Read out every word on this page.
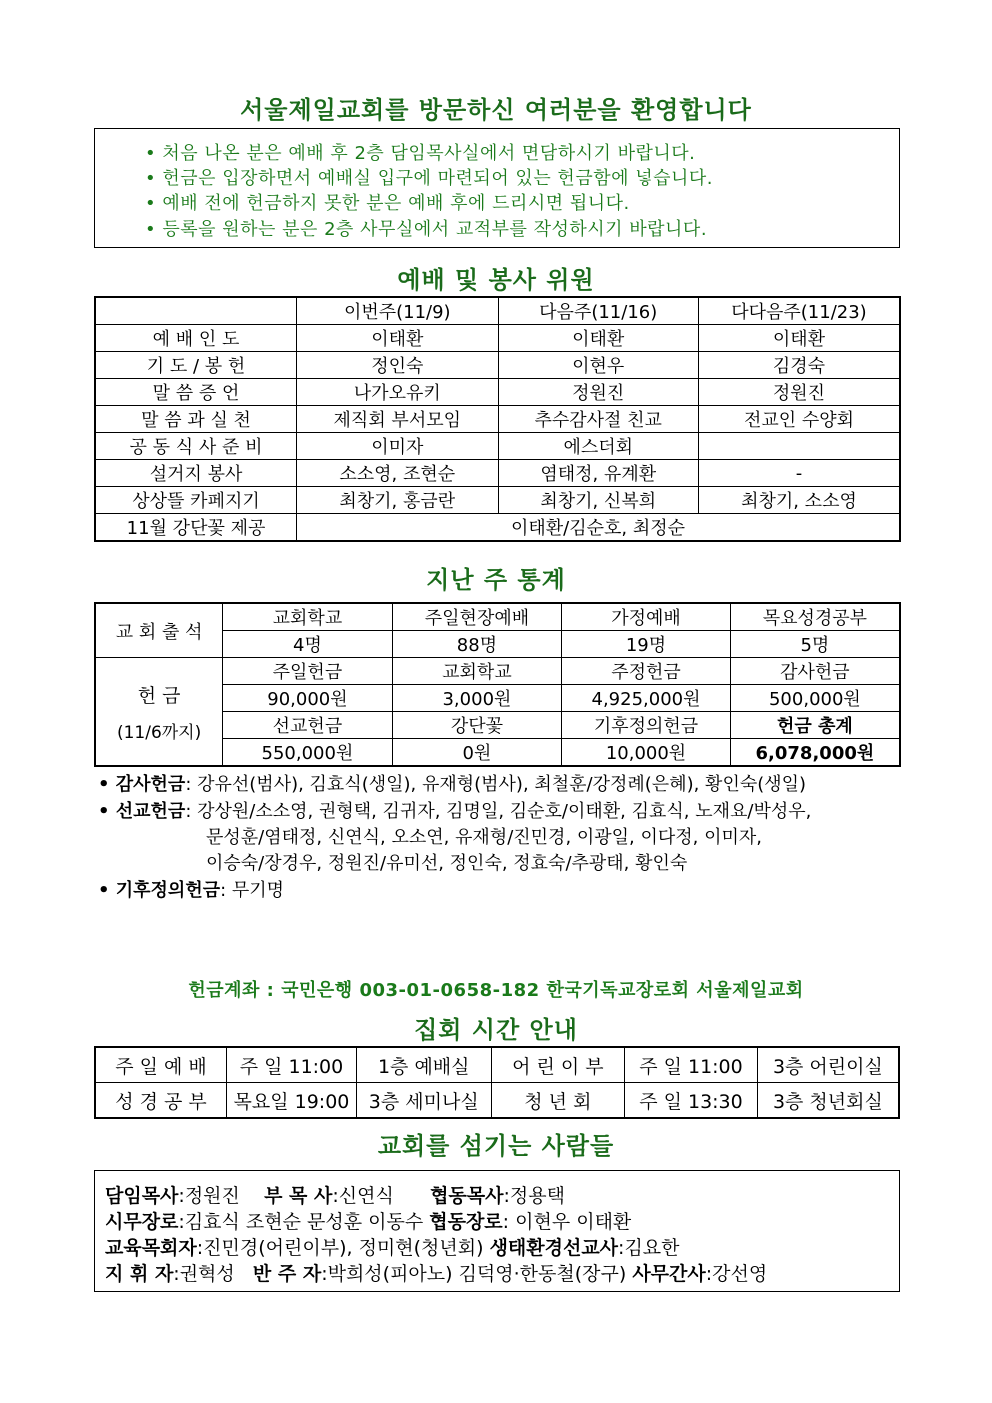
서울제일교회를 방문하신 여러분을 환영합니다
• 처음 나온 분은 예배 후 2층 담임목사실에서 면담하시기 바랍니다.
• 헌금은 입장하면서 예배실 입구에 마련되어 있는 헌금함에 넣습니다.
• 예배 전에 헌금하지 못한 분은 예배 후에 드리시면 됩니다.
• 등록을 원하는 분은 2층 사무실에서 교적부를 작성하시기 바랍니다.
예배 및 봉사 위원
	이번주(11/9)	다음주(11/16)	다다음주(11/23)
예 배 인 도	이태환	이태환	이태환
기 도 / 봉 헌	정인숙	이현우	김경숙
말 씀 증 언	나가오유키	정원진	정원진
말 씀 과 실 천	제직회 부서모임	추수감사절 친교	전교인 수양회
공 동 식 사 준 비	이미자	에스더회	
설거지 봉사	소소영, 조현순	염태정, 유계환	-
상상뜰 카페지기	최창기, 홍금란	최창기, 신복희	최창기, 소소영
11월 강단꽃 제공	이태환/김순호, 최정순		
지난 주 통계
교 회 출 석	교회학교	주일현장예배	가정예배	목요성경공부
	4명	88명	19명	5명

헌 금
(11/6까지)	주일헌금	교회학교	주정헌금	감사헌금
	90,000원	3,000원	4,925,000원	500,000원
	선교헌금	강단꽃	기후정의헌금	헌금 총계
	550,000원	0원	10,000원	6,078,000원
• 감사헌금: 강유선(범사), 김효식(생일), 유재형(범사), 최철훈/강정례(은혜), 황인숙(생일)
• 선교헌금: 강상원/소소영, 권형택, 김귀자, 김명일, 김순호/이태환, 김효식, 노재요/박성우,
문성훈/염태정, 신연식, 오소연, 유재형/진민경, 이광일, 이다정, 이미자,
이승숙/장경우, 정원진/유미선, 정인숙, 정효숙/추광태, 황인숙
• 기후정의헌금: 무기명
헌금계좌 : 국민은행 003-01-0658-182 한국기독교장로회 서울제일교회
집회 시간 안내
주 일 예 배	주 일 11:00	1층 예배실	어 린 이 부	주 일 11:00	3층 어린이실
성 경 공 부	목요일 19:00	3층 세미나실	청 년 회	주 일 13:30	3층 청년회실
교회를 섬기는 사람들
담임목사:정원진 부 목 사:신연식 협동목사:정용택
시무장로:김효식 조현순 문성훈 이동수 협동장로: 이현우 이태환
교육목회자:진민경(어린이부), 정미현(청년회) 생태환경선교사:김요한
지 휘 자:권혁성 반 주 자:박희성(피아노) 김덕영·한동철(장구) 사무간사:강선영
